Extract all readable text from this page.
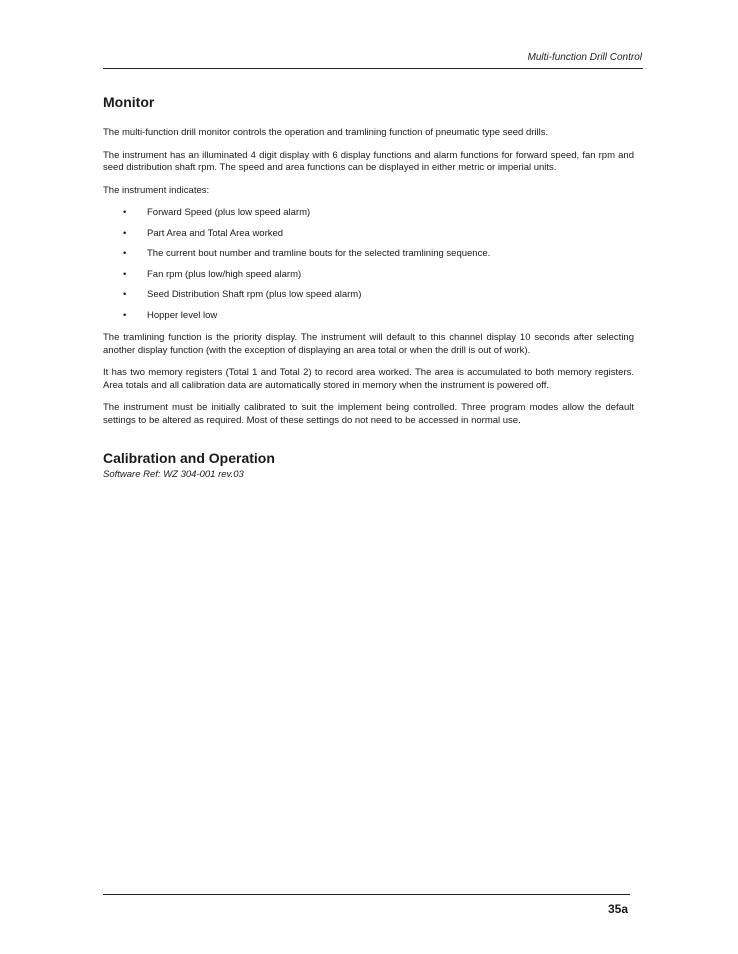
Multi-function Drill Control
Monitor

The multi-function drill monitor controls the operation and tramlining function of pneumatic type seed drills.

The instrument has an illuminated 4 digit display with 6 display functions and alarm functions for forward speed, fan rpm and seed distribution shaft rpm. The speed and area functions can be displayed in either metric or imperial units.

The instrument indicates:

• Forward Speed (plus low speed alarm)
• Part Area and Total Area worked
• The current bout number and tramline bouts for the selected tramlining sequence.
• Fan rpm (plus low/high speed alarm)
• Seed Distribution Shaft rpm (plus low speed alarm)
• Hopper level low

The tramlining function is the priority display. The instrument will default to this channel display 10 seconds after selecting another display function (with the exception of displaying an area total or when the drill is out of work).

It has two memory registers (Total 1 and Total 2) to record area worked. The area is accumulated to both memory registers. Area totals and all calibration data are automatically stored in memory when the instrument is powered off.

The instrument must be initially calibrated to suit the implement being controlled. Three program modes allow the default settings to be altered as required. Most of these settings do not need to be accessed in normal use.

Calibration and Operation
Software Ref: WZ 304-001 rev.03
35a
